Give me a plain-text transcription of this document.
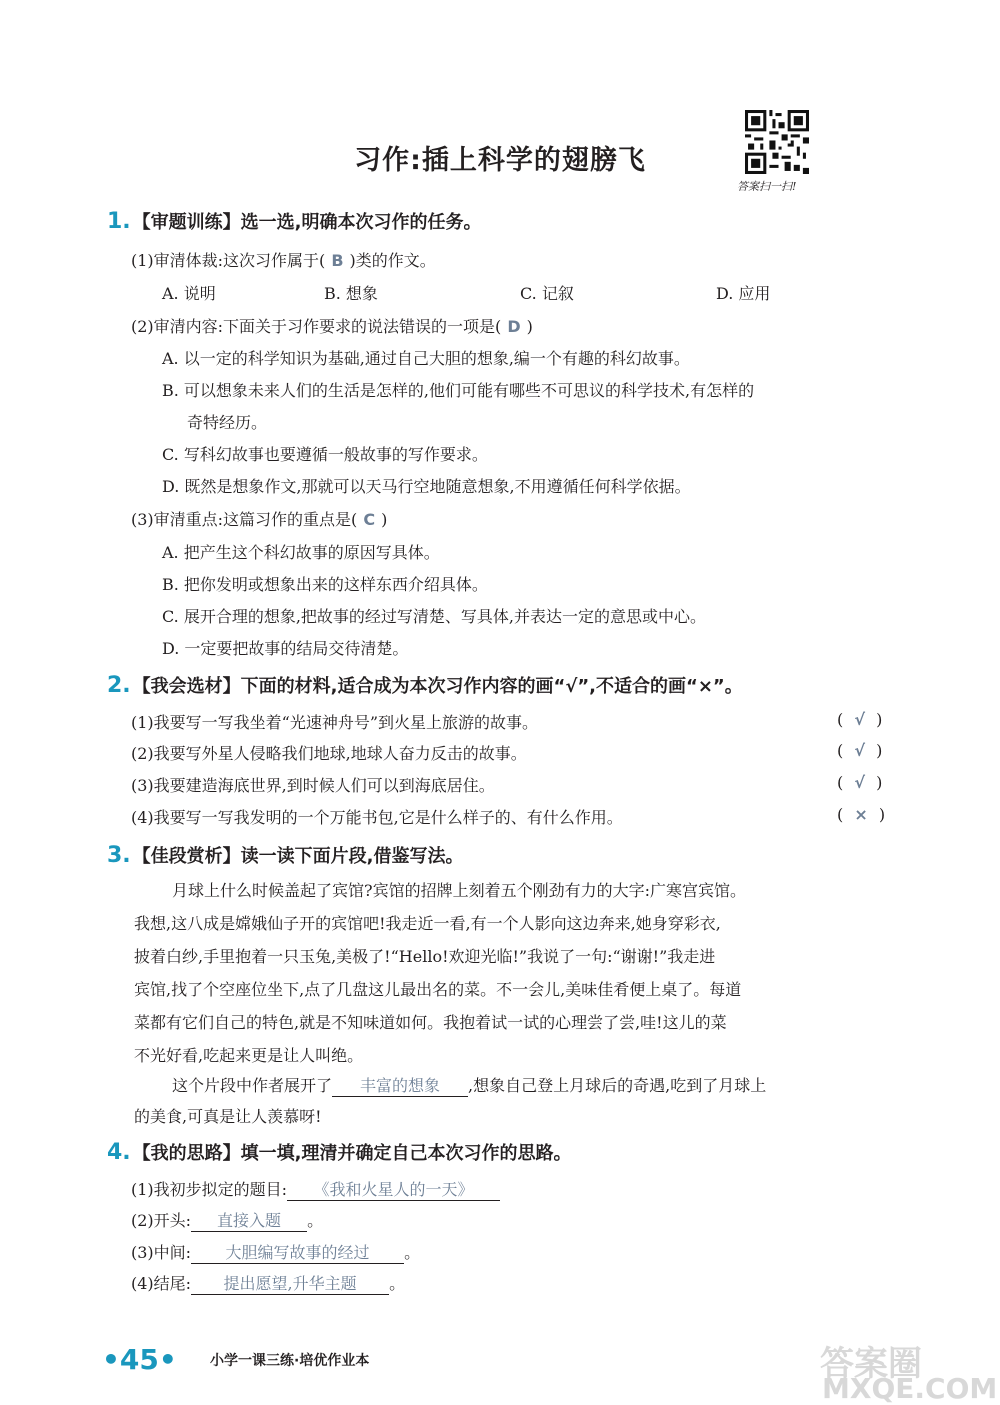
习作:插上科学的翅膀飞
答案扫一扫!
1. 【审题训练】选一选,明确本次习作的任务。
(1)审清体裁:这次习作属于( B )类的作文。
A. 说明	B. 想象	C. 记叙	D. 应用
(2)审清内容:下面关于习作要求的说法错误的一项是( D )
A. 以一定的科学知识为基础,通过自己大胆的想象,编一个有趣的科幻故事。
B. 可以想象未来人们的生活是怎样的,他们可能有哪些不可思议的科学技术,有怎样的
奇特经历。
C. 写科幻故事也要遵循一般故事的写作要求。
D. 既然是想象作文,那就可以天马行空地随意想象,不用遵循任何科学依据。
(3)审清重点:这篇习作的重点是( C )
A. 把产生这个科幻故事的原因写具体。
B. 把你发明或想象出来的这样东西介绍具体。
C. 展开合理的想象,把故事的经过写清楚、写具体,并表达一定的意思或中心。
D. 一定要把故事的结局交待清楚。
2. 【我会选材】下面的材料,适合成为本次习作内容的画“√”,不适合的画“×”。
(1)我要写一写我坐着“光速神舟号”到火星上旅游的故事。	( √ )
(2)我要写外星人侵略我们地球,地球人奋力反击的故事。	( √ )
(3)我要建造海底世界,到时候人们可以到海底居住。	( √ )
(4)我要写一写我发明的一个万能书包,它是什么样子的、有什么作用。	( × )
3. 【佳段赏析】读一读下面片段,借鉴写法。
月球上什么时候盖起了宾馆?宾馆的招牌上刻着五个刚劲有力的大字:广寒宫宾馆。
我想,这八成是嫦娥仙子开的宾馆吧!我走近一看,有一个人影向这边奔来,她身穿彩衣,
披着白纱,手里抱着一只玉兔,美极了!“Hello!欢迎光临!”我说了一句:“谢谢!”我走进
宾馆,找了个空座位坐下,点了几盘这儿最出名的菜。不一会儿,美味佳肴便上桌了。每道
菜都有它们自己的特色,就是不知味道如何。我抱着试一试的心理尝了尝,哇!这儿的菜
不光好看,吃起来更是让人叫绝。
这个片段中作者展开了 丰富的想象 ,想象自己登上月球后的奇遇,吃到了月球上
的美食,可真是让人羡慕呀!
4. 【我的思路】填一填,理清并确定自己本次习作的思路。
(1)我初步拟定的题目: 《我和火星人的一天》
(2)开头: 直接入题 。
(3)中间: 大胆编写故事的经过 。
(4)结尾: 提出愿望,升华主题 。
•45• 小学一课三练·培优作业本	答案圈
MXQE.COM
